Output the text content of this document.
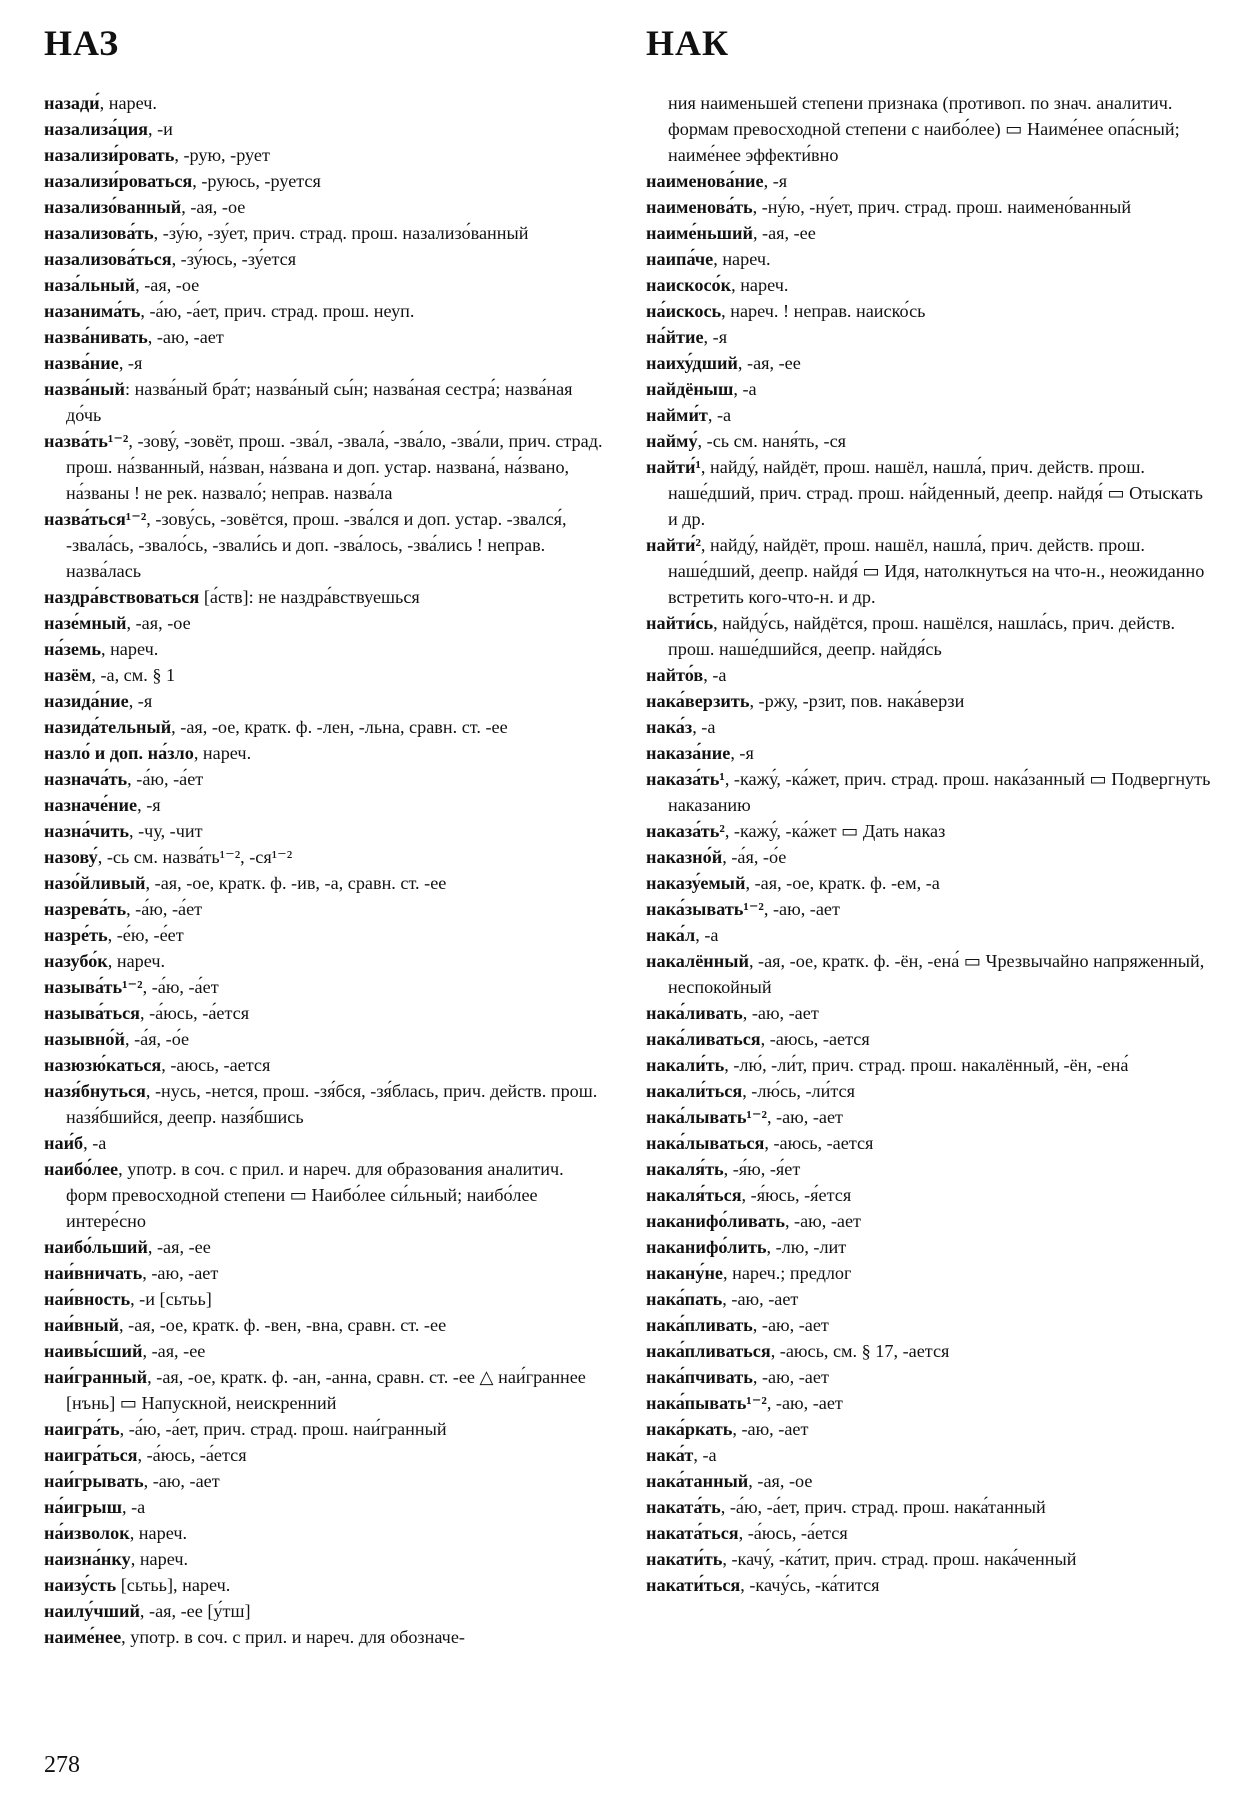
НАЗ	НАК

назади́, нареч.

назализа́ция, -и

назализи́ровать, -рую, -рует

назализи́роваться, -руюсь, -руется

назализо́ванный, -ая, -ое

назализова́ть, -зу́ю, -зу́ет, прич. страд. прош. назализо́ванный

назализова́ться, -зу́юсь, -зу́ется

наза́льный, -ая, -ое

назанима́ть, -а́ю, -а́ет, прич. страд. прош. неуп.

назва́нивать, -аю, -ает

назва́ние, -я

назва́ный: назва́ный бра́т; назва́ный сы́н; назва́ная сестра́; назва́ная до́чь

назва́ть¹⁻², -зову́, -зовёт, прош. -зва́л, -звала́, -зва́ло, -зва́ли, прич. страд. прош. на́званный, на́зван, на́звана и доп. устар. названа́, на́звано, на́званы ! не рек. назвало́; неправ. назва́ла

назва́ться¹⁻², -зову́сь, -зовётся, прош. -зва́лся и доп. устар. -звался́, -звала́сь, -звало́сь, -звали́сь и доп. -зва́лось, -зва́лись ! неправ. назва́лась

наздра́вствоваться [а́ств]: не наздра́вствуешься

назе́мный, -ая, -ое

на́земь, нареч.

назём, -а, см. § 1

назида́ние, -я

назида́тельный, -ая, -ое, кратк. ф. -лен, -льна, сравн. ст. -ее

назло́ и доп. на́зло, нареч.

назнача́ть, -а́ю, -а́ет

назначе́ние, -я

назна́чить, -чу, -чит

назову́, -сь см. назва́ть¹⁻², -ся¹⁻²

назо́йливый, -ая, -ое, кратк. ф. -ив, -а, сравн. ст. -ее

назрева́ть, -а́ю, -а́ет

назре́ть, -е́ю, -е́ет

назубо́к, нареч.

называ́ть¹⁻², -а́ю, -а́ет

называ́ться, -а́юсь, -а́ется

назывно́й, -а́я, -о́е

назюзю́каться, -аюсь, -ается

назя́бнуться, -нусь, -нется, прош. -зя́бся, -зя́блась, прич. действ. прош. назя́бшийся, деепр. назя́бшись

наи́б, -а

наибо́лее, употр. в соч. с прил. и нареч. для образования аналитич. форм превосходной степени ▭ Наибо́лее си́льный; наибо́лее интере́сно

наибо́льший, -ая, -ее

наи́вничать, -аю, -ает

наи́вность, -и [сьтьь]

наи́вный, -ая, -ое, кратк. ф. -вен, -вна, сравн. ст. -ее

наивы́сший, -ая, -ее

наи́гранный, -ая, -ое, кратк. ф. -ан, -анна, сравн. ст. -ее △ наи́граннее [нънь] ▭ Напускной, неискренний

наигра́ть, -а́ю, -а́ет, прич. страд. прош. наи́гранный

наигра́ться, -а́юсь, -а́ется

наи́грывать, -аю, -ает

на́игрыш, -а

на́изволок, нареч.

наизна́нку, нареч.

наизу́сть [сьтьь], нареч.

наилу́чший, -ая, -ее [у́тш]

наиме́нее, употр. в соч. с прил. и нареч. для обозначе-

ния наименьшей степени признака (противоп. по знач. аналитич. формам превосходной степени с наибо́лее) ▭ Наиме́нее опа́сный; наиме́нее эффекти́вно

наименова́ние, -я

наименова́ть, -ну́ю, -ну́ет, прич. страд. прош. наимено́ванный

наиме́ньший, -ая, -ее

наипа́че, нареч.

наискосо́к, нареч.

на́искось, нареч. ! неправ. наиско́сь

на́йтие, -я

наиху́дший, -ая, -ее

найдёныш, -а

найми́т, -а

найму́, -сь см. наня́ть, -ся

найти́¹, найду́, найдёт, прош. нашёл, нашла́, прич. действ. прош. наше́дший, прич. страд. прош. на́йденный, деепр. найдя́ ▭ Отыскать и др.

найти́², найду́, найдёт, прош. нашёл, нашла́, прич. действ. прош. наше́дший, деепр. найдя́ ▭ Идя, натолкнуться на что-н., неожиданно встретить кого-что-н. и др.

найти́сь, найду́сь, найдётся, прош. нашёлся, нашла́сь, прич. действ. прош. наше́дшийся, деепр. найдя́сь

найто́в, -а

нака́верзить, -ржу, -рзит, пов. нака́верзи

нака́з, -а

наказа́ние, -я

наказа́ть¹, -кажу́, -ка́жет, прич. страд. прош. нака́занный ▭ Подвергнуть наказанию

наказа́ть², -кажу́, -ка́жет ▭ Дать наказ

наказно́й, -а́я, -о́е

наказу́емый, -ая, -ое, кратк. ф. -ем, -а

нака́зывать¹⁻², -аю, -ает

нака́л, -а

накалённый, -ая, -ое, кратк. ф. -ён, -ена́ ▭ Чрезвычайно напряженный, неспокойный

нака́ливать, -аю, -ает

нака́ливаться, -аюсь, -ается

накали́ть, -лю́, -ли́т, прич. страд. прош. накалённый, -ён, -ена́

накали́ться, -лю́сь, -ли́тся

нака́лывать¹⁻², -аю, -ает

нака́лываться, -аюсь, -ается

накаля́ть, -я́ю, -я́ет

накаля́ться, -я́юсь, -я́ется

наканифо́ливать, -аю, -ает

наканифо́лить, -лю, -лит

накану́не, нареч.; предлог

нака́пать, -аю, -ает

нака́пливать, -аю, -ает

нака́пливаться, -аюсь, см. § 17, -ается

нака́пчивать, -аю, -ает

нака́пывать¹⁻², -аю, -ает

нака́ркать, -аю, -ает

нака́т, -а

нака́танный, -ая, -ое

наката́ть, -а́ю, -а́ет, прич. страд. прош. нака́танный

наката́ться, -а́юсь, -а́ется

накати́ть, -качу́, -ка́тит, прич. страд. прош. нака́ченный

накати́ться, -качу́сь, -ка́тится

278
